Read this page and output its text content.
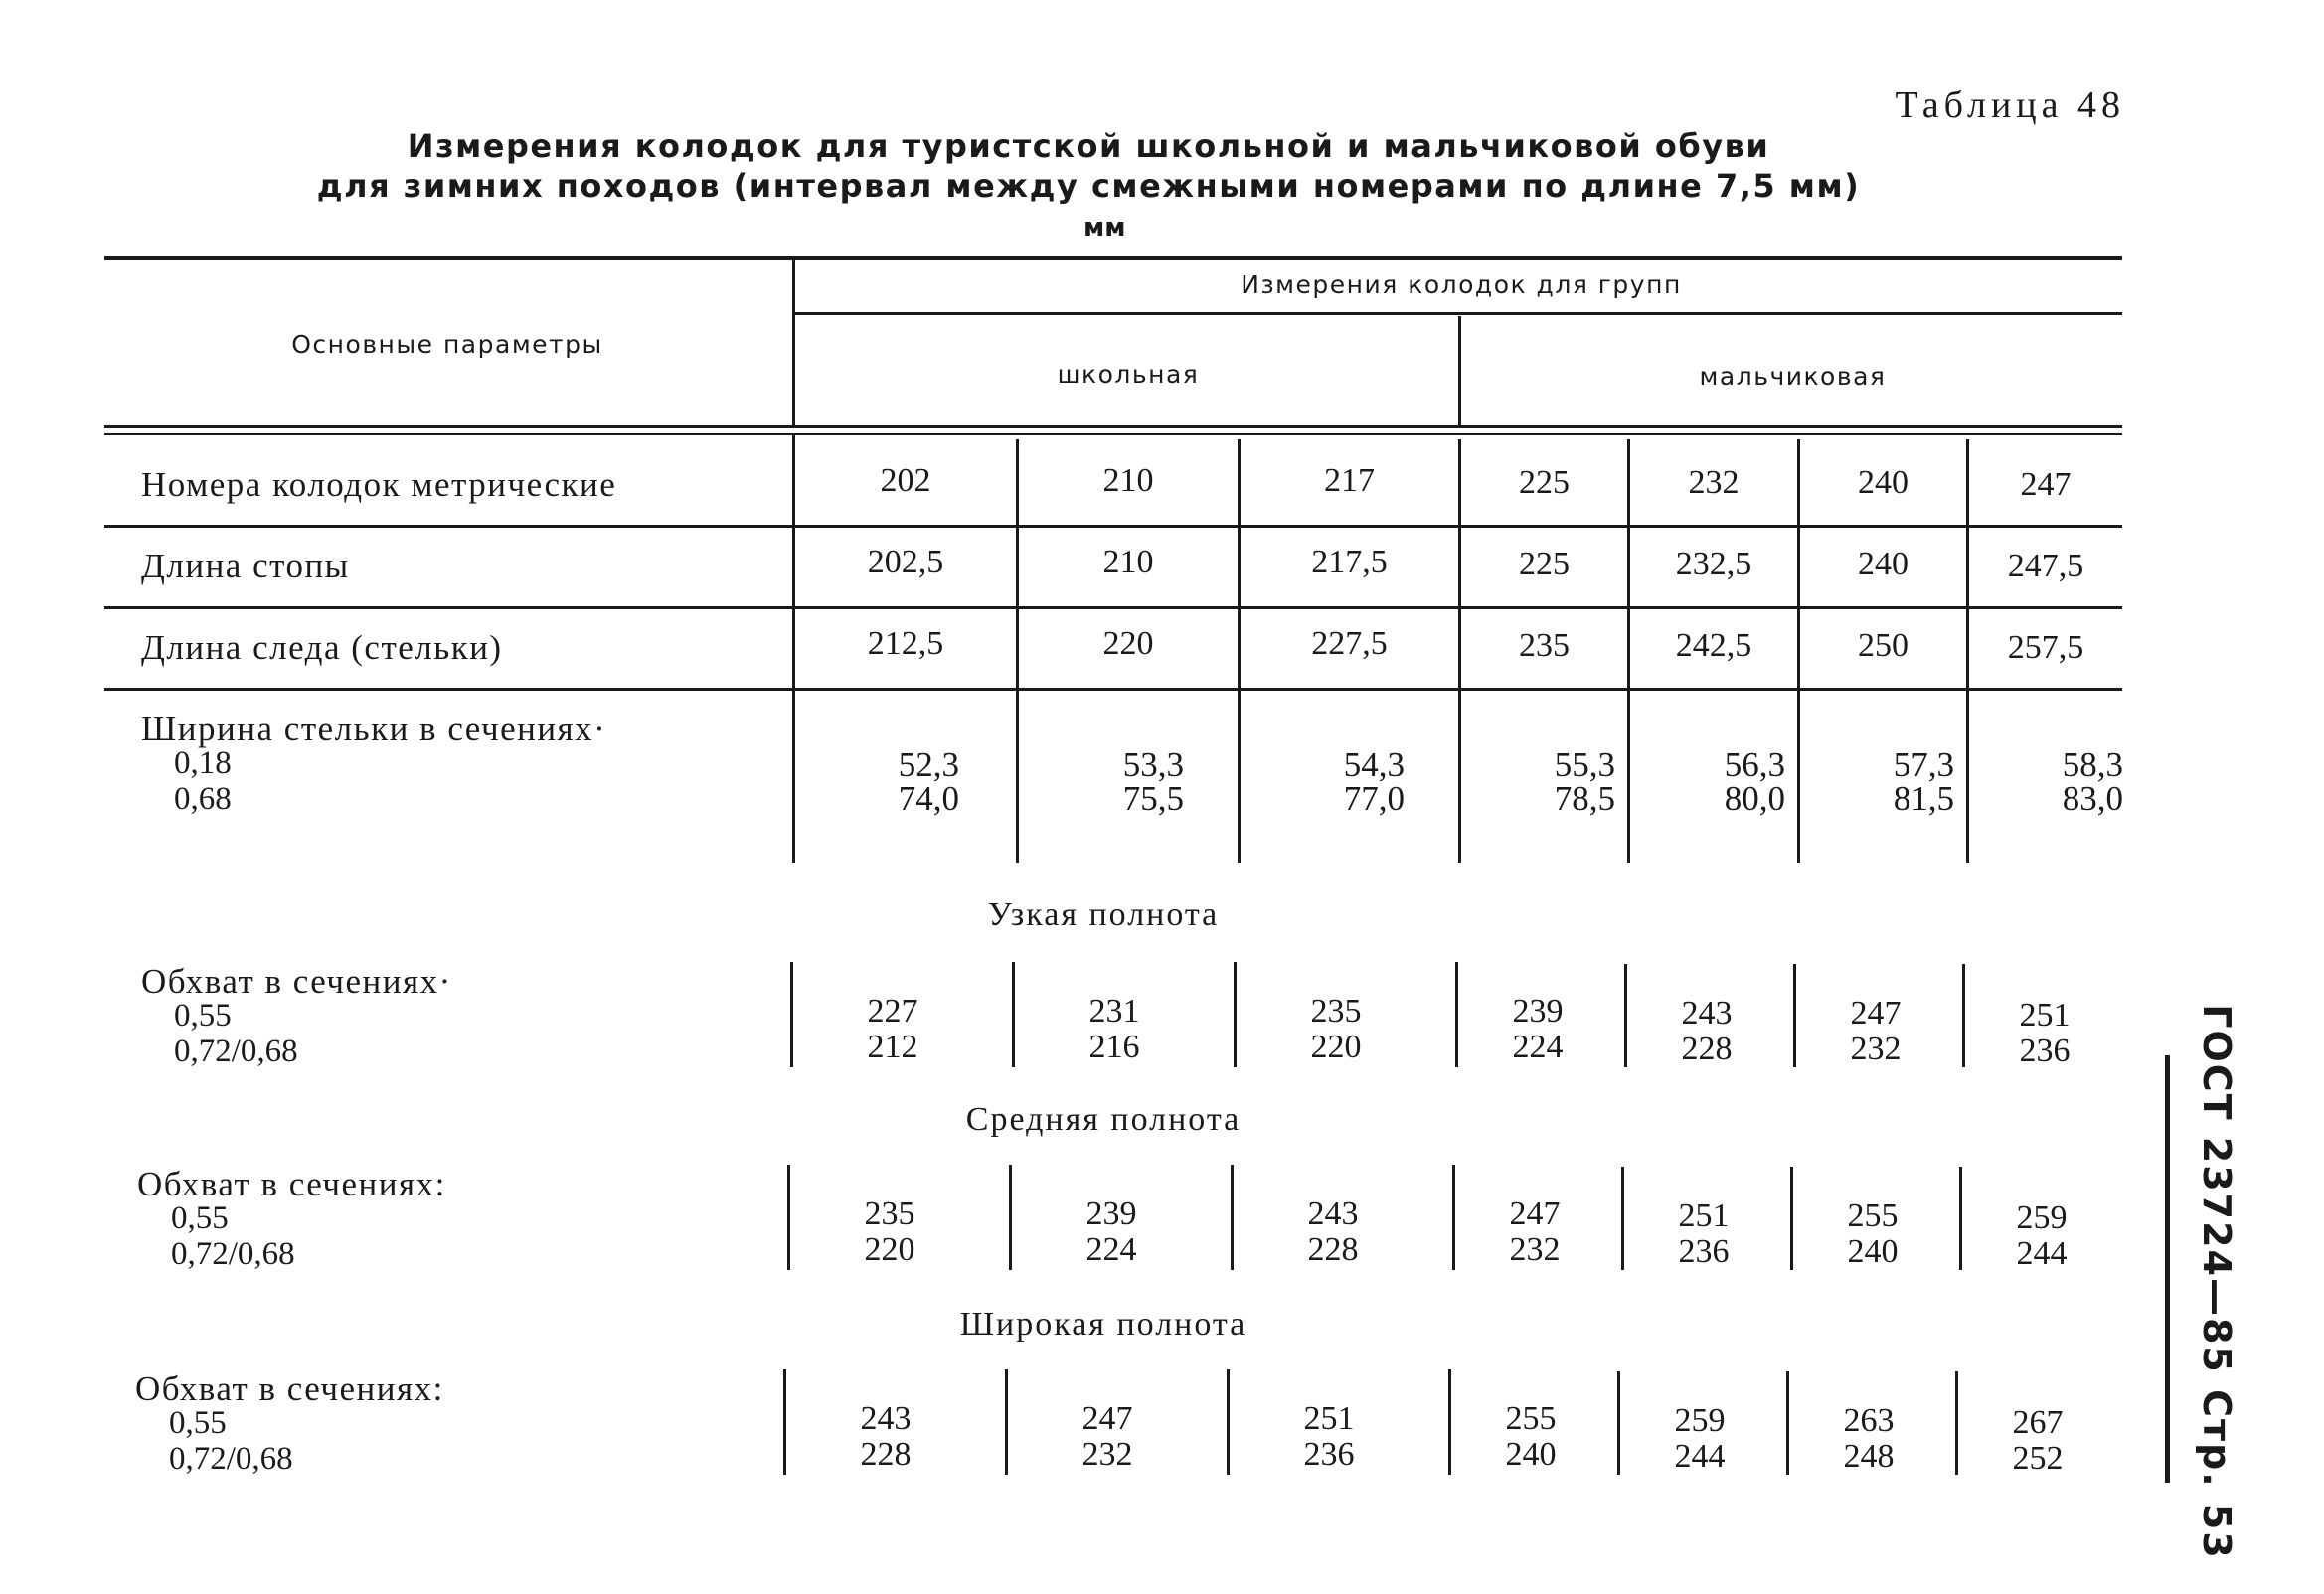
Таблица 48
Измерения колодок для туристской школьной и мальчиковой обуви
для зимних походов (интервал между смежными номерами по длине 7,5 мм)
мм
Основные параметры
Измерения колодок для групп
школьная	мальчиковая
Номера колодок метрические	202	210	217	225	232	240	247
Длина стопы	202,5	210	217,5	225	232,5	240	247,5
Длина следа (стельки)	212,5	220	227,5	235	242,5	250	257,5
Ширина стельки в сечениях·
0,18
0,68
52,3	53,3	54,3	55,3	56,3	57,3	58,3
74,0	75,5	77,0	78,5	80,0	81,5	83,0
Узкая полнота
Обхват в сечениях·
0,55
0,72/0,68
227	231	235	239	243	247	251
212	216	220	224	228	232	236
Средняя полнота
Обхват в сечениях:
0,55
0,72/0,68
235	239	243	247	251	255	259
220	224	228	232	236	240	244
Широкая полнота
Обхват в сечениях:
0,55
0,72/0,68
243	247	251	255	259	263	267
228	232	236	240	244	248	252	ГОСТ 23724—85 Стр. 53
